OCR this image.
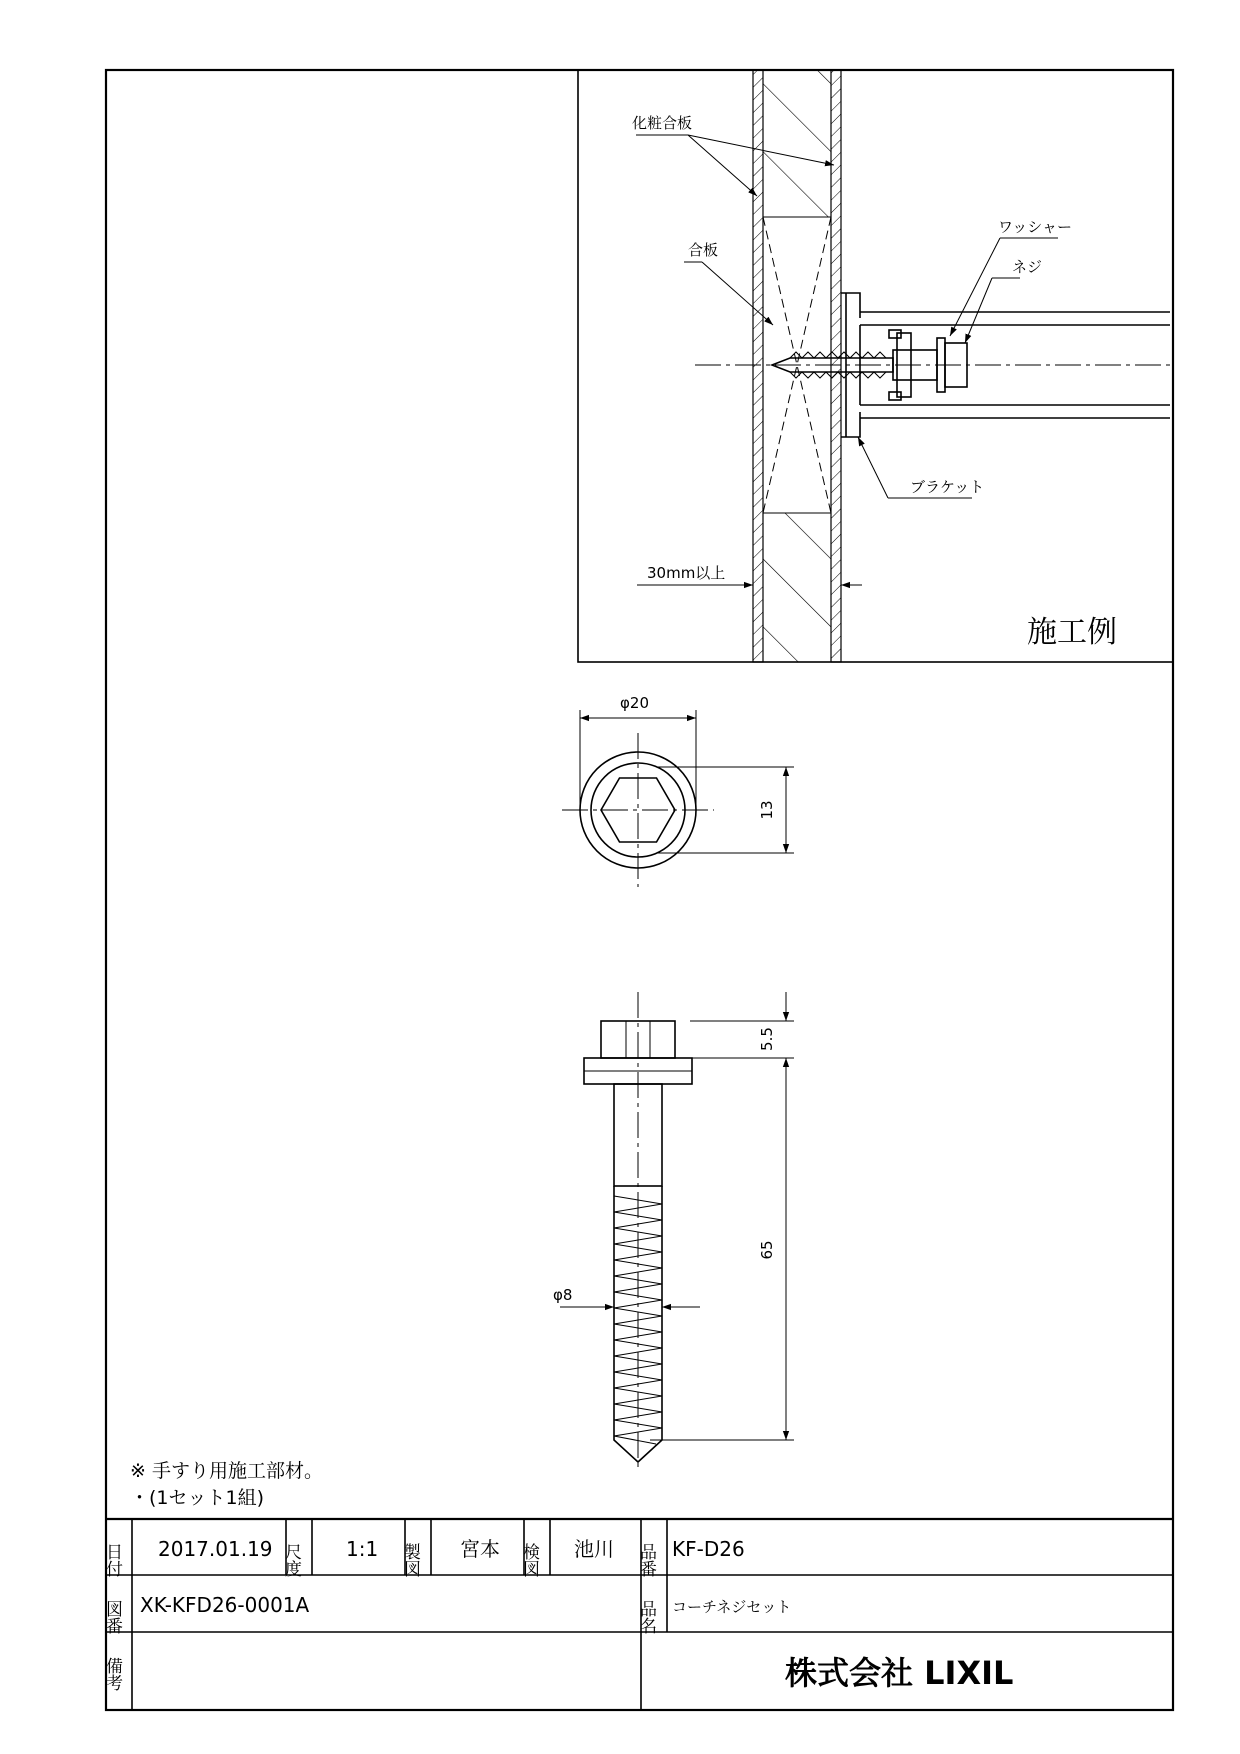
化粧合板
合板
ワッシャー
ネジ
ブラケット
30mm以上
施工例
φ20
13
5.5
65
φ8
※ 手すり用施工部材。
・(1セット1組)
日付 2017.01.19 尺度 1:1 製図 宮本 検図 池川 品番 KF-D26
図番 XK-KFD26-0001A	品名 コーチネジセット
備考	株式会社 LIXIL
